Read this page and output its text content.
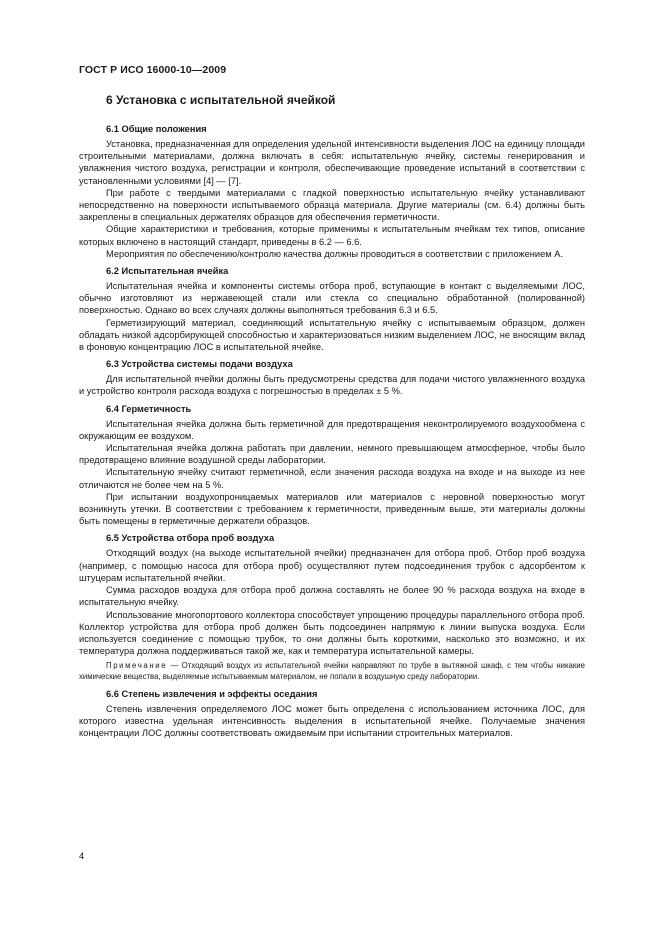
ГОСТ Р ИСО 16000-10—2009
6 Установка с испытательной ячейкой
6.1 Общие положения

Установка, предназначенная для определения удельной интенсивности выделения ЛОС на единицу площади строительными материалами, должна включать в себя: испытательную ячейку, системы генерирования и увлажнения чистого воздуха, регистрации и контроля, обеспечивающие проведение испытаний в соответствии с установленными условиями [4] — [7].

При работе с твердыми материалами с гладкой поверхностью испытательную ячейку устанавливают непосредственно на поверхности испытываемого образца материала. Другие материалы (см. 6.4) должны быть закреплены в специальных держателях образцов для обеспечения герметичности.

Общие характеристики и требования, которые применимы к испытательным ячейкам тех типов, описание которых включено в настоящий стандарт, приведены в 6.2 — 6.6.

Мероприятия по обеспечению/контролю качества должны проводиться в соответствии с приложением А.

6.2 Испытательная ячейка

Испытательная ячейка и компоненты системы отбора проб, вступающие в контакт с выделяемыми ЛОС, обычно изготовляют из нержавеющей стали или стекла со специально обработанной (полированной) поверхностью. Однако во всех случаях должны выполняться требования 6.3 и 6.5.

Герметизирующий материал, соединяющий испытательную ячейку с испытываемым образцом, должен обладать низкой адсорбирующей способностью и характеризоваться низким выделением ЛОС, не вносящим вклад в фоновую концентрацию ЛОС в испытательной ячейке.

6.3 Устройства системы подачи воздуха

Для испытательной ячейки должны быть предусмотрены средства для подачи чистого увлажненного воздуха и устройство контроля расхода воздуха с погрешностью в пределах ± 5 %.

6.4 Герметичность

Испытательная ячейка должна быть герметичной для предотвращения неконтролируемого воздухообмена с окружающим ее воздухом.

Испытательная ячейка должна работать при давлении, немного превышающем атмосферное, чтобы было предотвращено влияние воздушной среды лаборатории.

Испытательную ячейку считают герметичной, если значения расхода воздуха на входе и на выходе из нее отличаются не более чем на 5 %.

При испытании воздухопроницаемых материалов или материалов с неровной поверхностью могут возникнуть утечки. В соответствии с требованием к герметичности, приведенным выше, эти материалы должны быть помещены в герметичные держатели образцов.

6.5 Устройства отбора проб воздуха

Отходящий воздух (на выходе испытательной ячейки) предназначен для отбора проб. Отбор проб воздуха (например, с помощью насоса для отбора проб) осуществляют путем подсоединения трубок с адсорбентом к штуцерам испытательной ячейки.

Сумма расходов воздуха для отбора проб должна составлять не более 90 % расхода воздуха на входе в испытательную ячейку.

Использование многопортового коллектора способствует упрощению процедуры параллельного отбора проб. Коллектор устройства для отбора проб должен быть подсоединен напрямую к линии выпуска воздуха. Если используется соединение с помощью трубок, то они должны быть короткими, насколько это возможно, и их температура должна поддерживаться такой же, как и температура испытательной камеры.

Примечание — Отходящий воздух из испытательной ячейки направляют по трубе в вытяжной шкаф, с тем чтобы никакие химические вещества, выделяемые испытываемым материалом, не попали в воздушную среду лаборатории.

6.6 Степень извлечения и эффекты оседания

Степень извлечения определяемого ЛОС может быть определена с использованием источника ЛОС, для которого известна удельная интенсивность выделения в испытательной ячейке. Получаемые значения концентрации ЛОС должны соответствовать ожидаемым при испытании строительных материалов.

4
